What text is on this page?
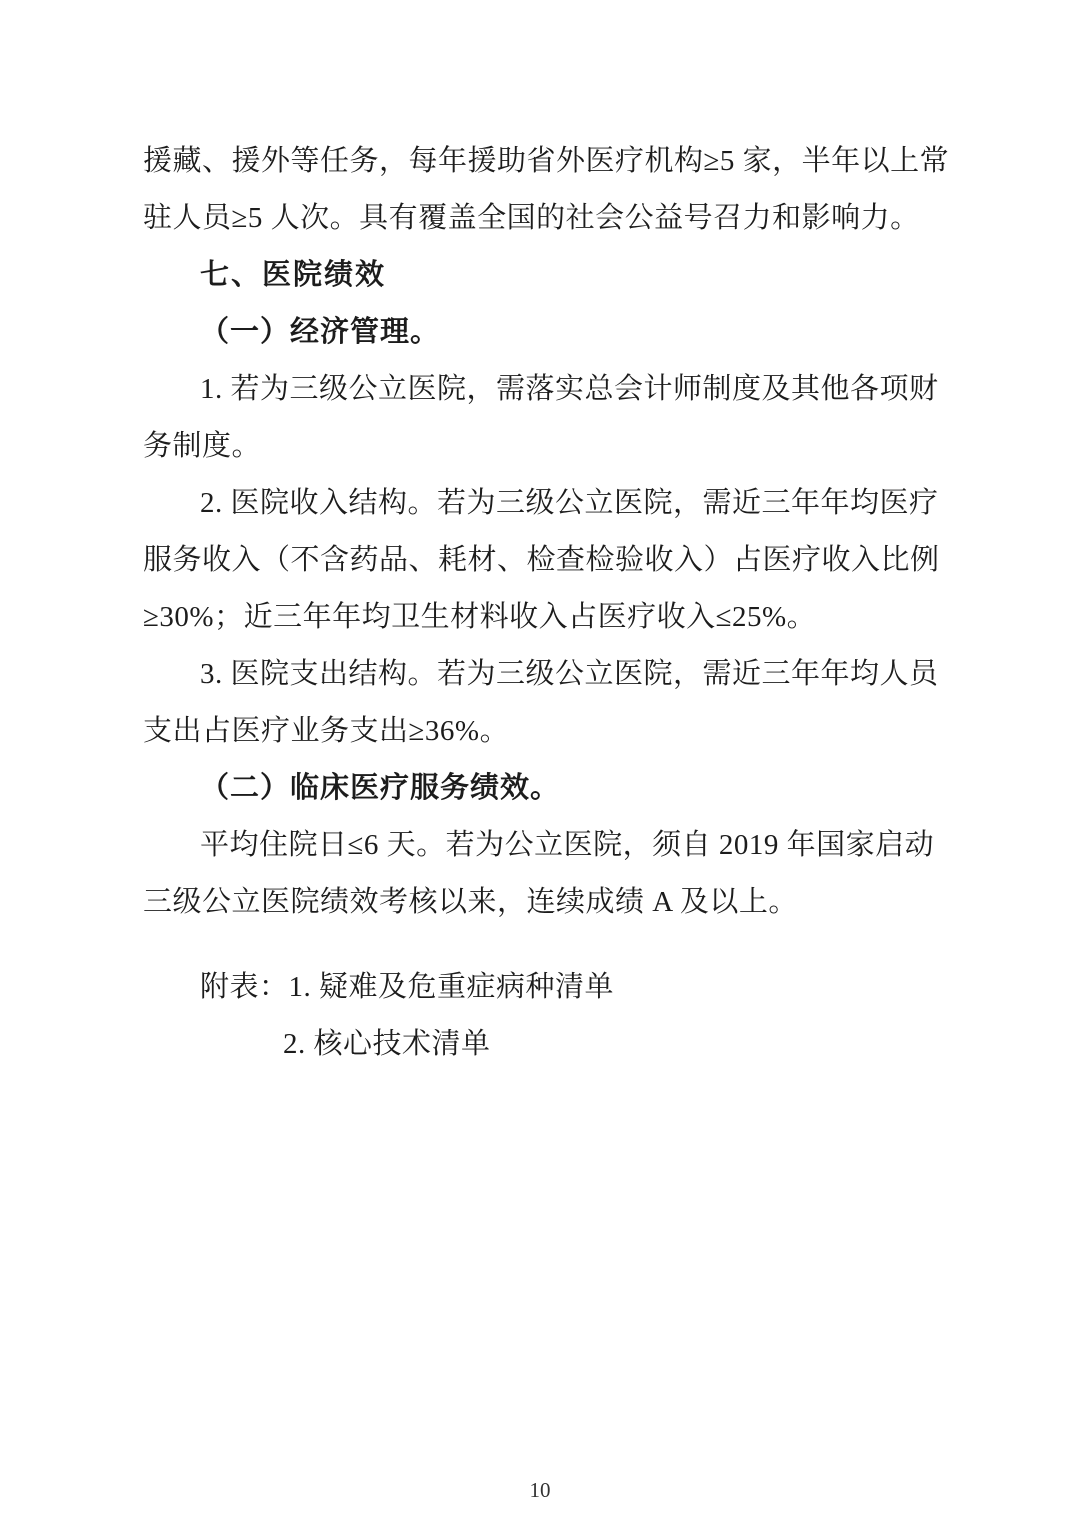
援藏、援外等任务，每年援助省外医疗机构≥5 家，半年以上常

驻人员≥5 人次。具有覆盖全国的社会公益号召力和影响力。

七、医院绩效

（一）经济管理。

1. 若为三级公立医院，需落实总会计师制度及其他各项财

务制度。

2. 医院收入结构。若为三级公立医院，需近三年年均医疗

服务收入（不含药品、耗材、检查检验收入）占医疗收入比例

≥30%；近三年年均卫生材料收入占医疗收入≤25%。

3. 医院支出结构。若为三级公立医院，需近三年年均人员

支出占医疗业务支出≥36%。

（二）临床医疗服务绩效。

平均住院日≤6 天。若为公立医院，须自 2019 年国家启动

三级公立医院绩效考核以来，连续成绩 A 及以上。

附表：1. 疑难及危重症病种清单

2. 核心技术清单

10
